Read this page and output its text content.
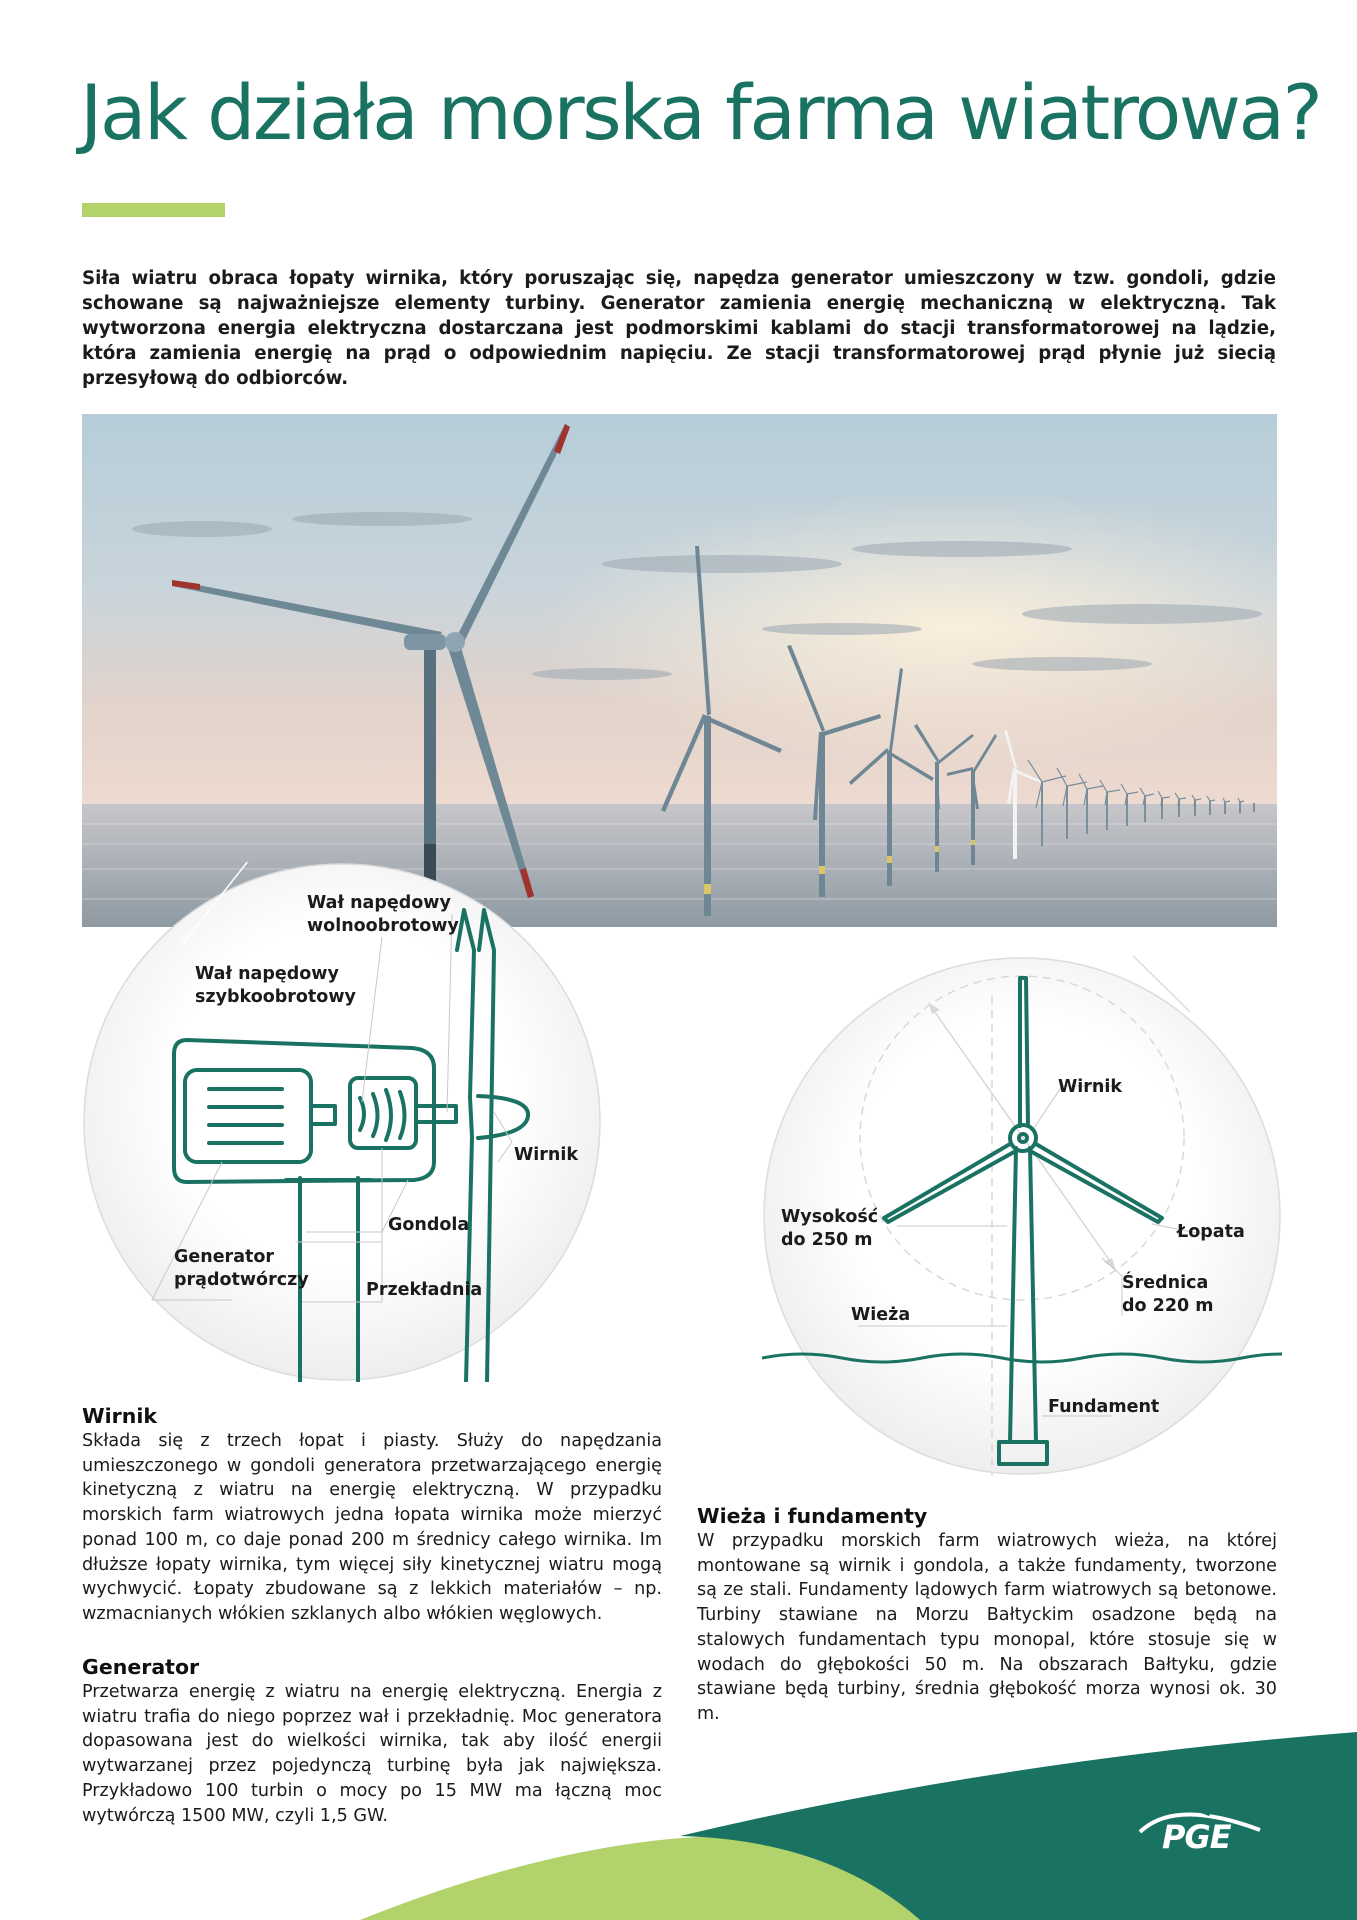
Jak działa morska farma wiatrowa?

Siła wiatru obraca łopaty wirnika, który poruszając się, napędza generator umieszczony w tzw. gondoli, gdzie schowane są najważniejsze elementy turbiny. Generator zamienia energię mechaniczną w elektryczną. Tak wytworzona energia elektryczna dostarczana jest podmorskimi kablami do stacji transformatorowej na lądzie, która zamienia energię na prąd o odpowiednim napięciu. Ze stacji transformatorowej prąd płynie już siecią przesyłową do odbiorców.

Wał napędowy
wolnoobrotowy
Wał napędowy
szybkoobrotowy
Wirnik
Gondola
Generator
prądotwórczy	Przekładnia
Wirnik
Wysokość
do 250 m	Łopata
Średnica
do 220 m
Wieża
Fundament
Wirnik

Składa się z trzech łopat i piasty. Służy do napędzania umieszczonego w gondoli generatora przetwarzającego energię kinetyczną z wiatru na energię elektryczną. W przypadku morskich farm wiatrowych jedna łopata wirnika może mierzyć ponad 100 m, co daje ponad 200 m średnicy całego wirnika. Im dłuższe łopaty wirnika, tym więcej siły kinetycznej wiatru mogą wychwycić. Łopaty zbudowane są z lekkich materiałów – np. wzmacnianych włókien szklanych albo włókien węglowych.

Generator

Przetwarza energię z wiatru na energię elektryczną. Energia z wiatru trafia do niego poprzez wał i przekładnię. Moc generatora dopasowana jest do wielkości wirnika, tak aby ilość energii wytwarzanej przez pojedynczą turbinę była jak największa. Przykładowo 100 turbin o mocy po 15 MW ma łączną moc wytwórczą 1500 MW, czyli 1,5 GW.

Wieża i fundamenty

W przypadku morskich farm wiatrowych wieża, na której montowane są wirnik i gondola, a także fundamenty, tworzone są ze stali. Fundamenty lądowych farm wiatrowych są betonowe. Turbiny stawiane na Morzu Bałtyckim osadzone będą na stalowych fundamentach typu monopal, które stosuje się w wodach do głębokości 50 m. Na obszarach Bałtyku, gdzie stawiane będą turbiny, średnia głębokość morza wynosi ok. 30 m.

PGE
